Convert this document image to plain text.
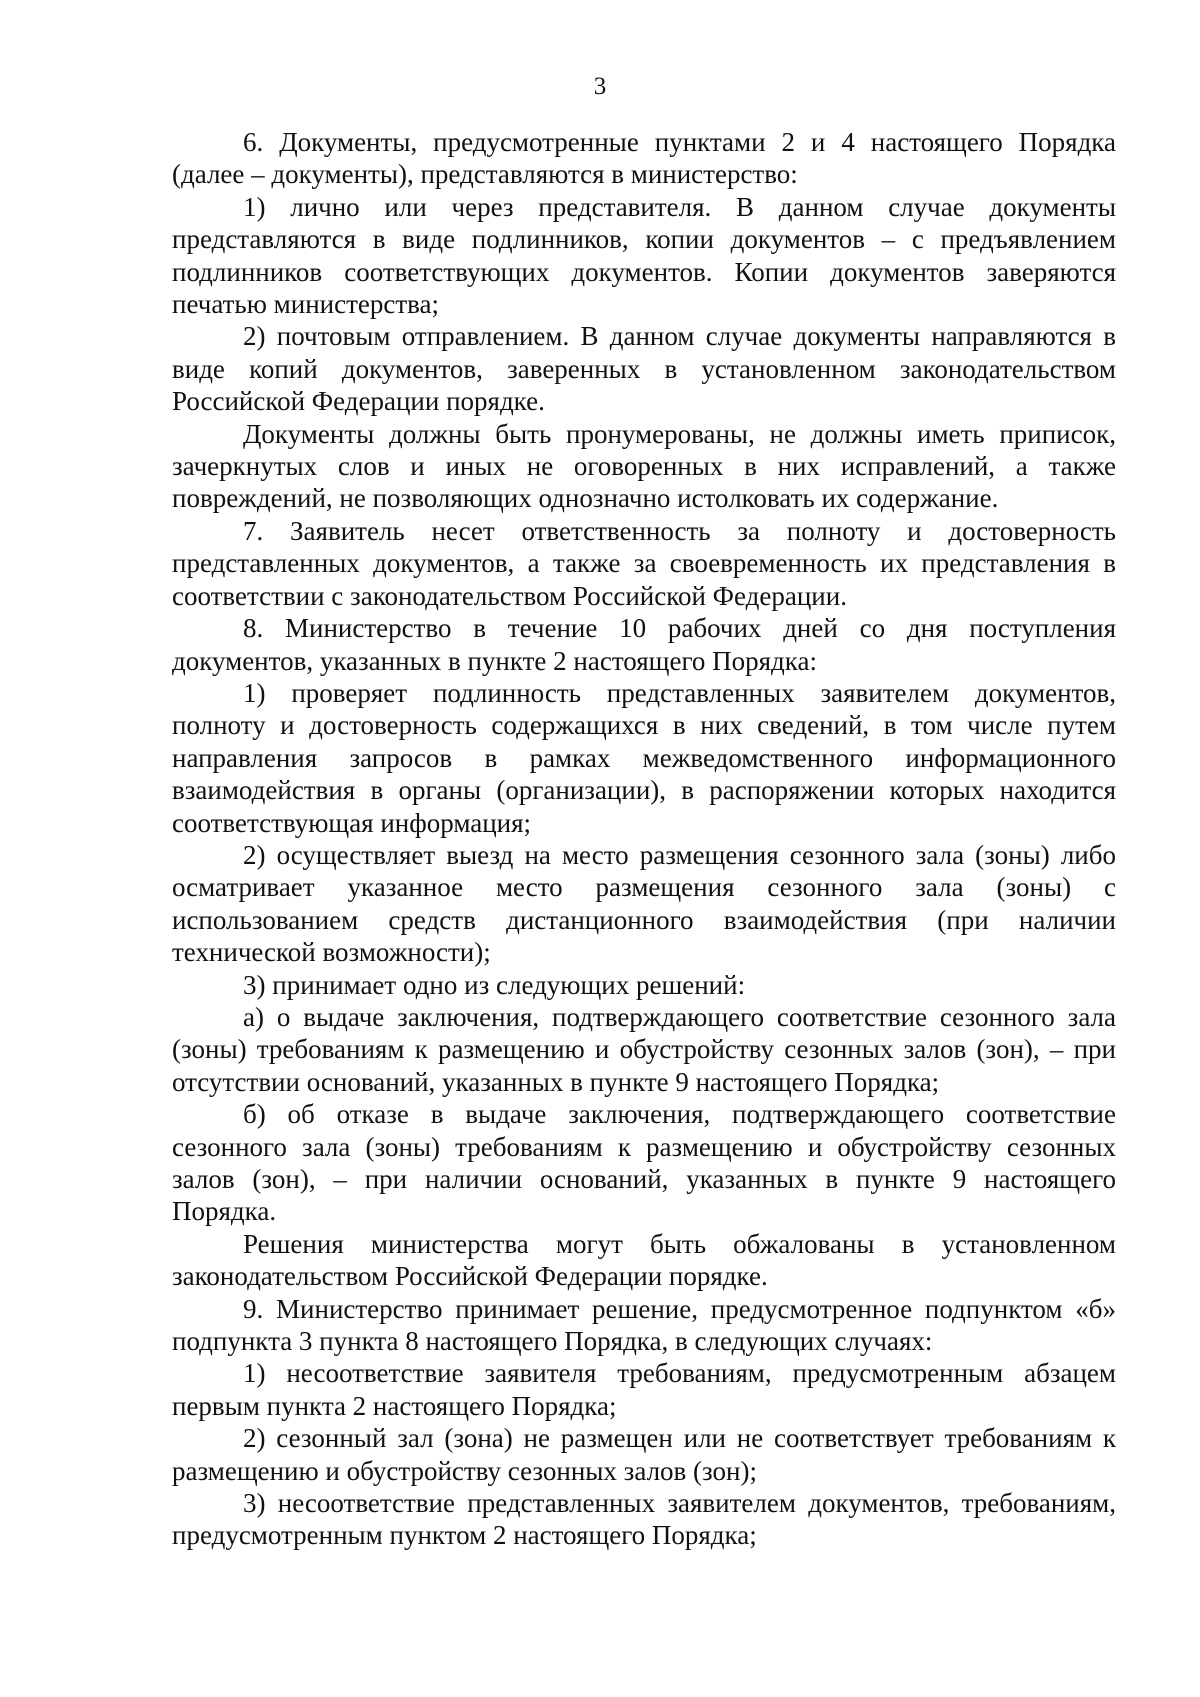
3

6. Документы, предусмотренные пунктами 2 и 4 настоящего Порядка (далее – документы), представляются в министерство:

1) лично или через представителя. В данном случае документы представляются в виде подлинников, копии документов – с предъявлением подлинников соответствующих документов. Копии документов заверяются печатью министерства;

2) почтовым отправлением. В данном случае документы направляются в виде копий документов, заверенных в установленном законодательством Российской Федерации порядке.

Документы должны быть пронумерованы, не должны иметь приписок, зачеркнутых слов и иных не оговоренных в них исправлений, а также повреждений, не позволяющих однозначно истолковать их содержание.

7. Заявитель несет ответственность за полноту и достоверность представленных документов, а также за своевременность их представления в соответствии с законодательством Российской Федерации.

8. Министерство в течение 10 рабочих дней со дня поступления документов, указанных в пункте 2 настоящего Порядка:

1) проверяет подлинность представленных заявителем документов, полноту и достоверность содержащихся в них сведений, в том числе путем направления запросов в рамках межведомственного информационного взаимодействия в органы (организации), в распоряжении которых находится соответствующая информация;

2) осуществляет выезд на место размещения сезонного зала (зоны) либо осматривает указанное место размещения сезонного зала (зоны) с использованием средств дистанционного взаимодействия (при наличии технической возможности);

3) принимает одно из следующих решений:

а) о выдаче заключения, подтверждающего соответствие сезонного зала (зоны) требованиям к размещению и обустройству сезонных залов (зон), – при отсутствии оснований, указанных в пункте 9 настоящего Порядка;

б) об отказе в выдаче заключения, подтверждающего соответствие сезонного зала (зоны) требованиям к размещению и обустройству сезонных залов (зон), – при наличии оснований, указанных в пункте 9 настоящего Порядка.

Решения министерства могут быть обжалованы в установленном законодательством Российской Федерации порядке.

9. Министерство принимает решение, предусмотренное подпунктом «б» подпункта 3 пункта 8 настоящего Порядка, в следующих случаях:

1) несоответствие заявителя требованиям, предусмотренным абзацем первым пункта 2 настоящего Порядка;

2) сезонный зал (зона) не размещен или не соответствует требованиям к размещению и обустройству сезонных залов (зон);

3) несоответствие представленных заявителем документов, требованиям, предусмотренным пунктом 2 настоящего Порядка;
